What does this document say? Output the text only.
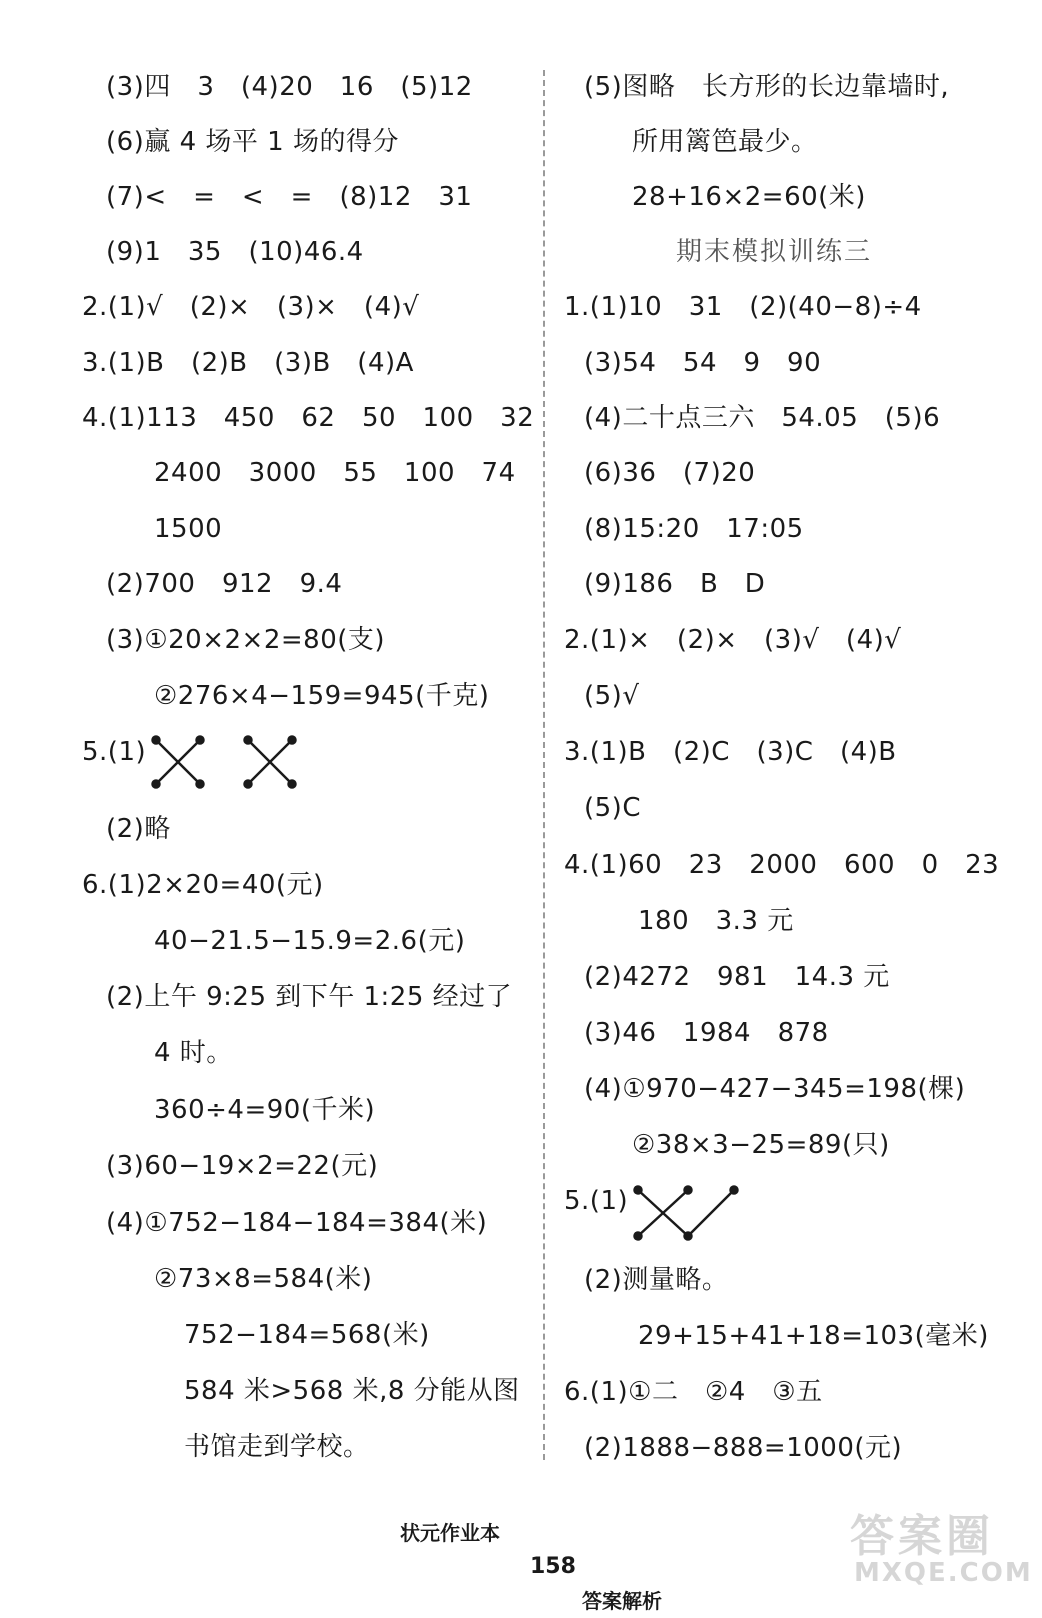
(3)四　3　(4)20　16　(5)12
(6)赢 4 场平 1 场的得分
(7)<　=　<　=　(8)12　31
(9)1　35　(10)46.4
2.(1)√　(2)×　(3)×　(4)√
3.(1)B　(2)B　(3)B　(4)A
4.(1)113　450　62　50　100　32
2400　3000　55　100　74
1500
(2)700　912　9.4
(3)①20×2×2=80(支)
②276×4−159=945(千克)
5.(1)
(2)略
6.(1)2×20=40(元)
40−21.5−15.9=2.6(元)
(2)上午 9:25 到下午 1:25 经过了
4 时。
360÷4=90(千米)
(3)60−19×2=22(元)
(4)①752−184−184=384(米)
②73×8=584(米)
752−184=568(米)
584 米>568 米,8 分能从图
书馆走到学校。
(5)图略　长方形的长边靠墙时,
所用篱笆最少。
28+16×2=60(米)
期末模拟训练三
1.(1)10　31　(2)(40−8)÷4
(3)54　54　9　90
(4)二十点三六　54.05　(5)6
(6)36　(7)20
(8)15:20　17:05
(9)186　B　D
2.(1)×　(2)×　(3)√　(4)√
(5)√
3.(1)B　(2)C　(3)C　(4)B
(5)C
4.(1)60　23　2000　600　0　23
180　3.3 元
(2)4272　981　14.3 元
(3)46　1984　878
(4)①970−427−345=198(棵)
②38×3−25=89(只)
5.(1)
(2)测量略。
29+15+41+18=103(毫米)
6.(1)①二　②4　③五
(2)1888−888=1000(元)

状元作业本

158

答案解析

答案圈
MXQE.COM
